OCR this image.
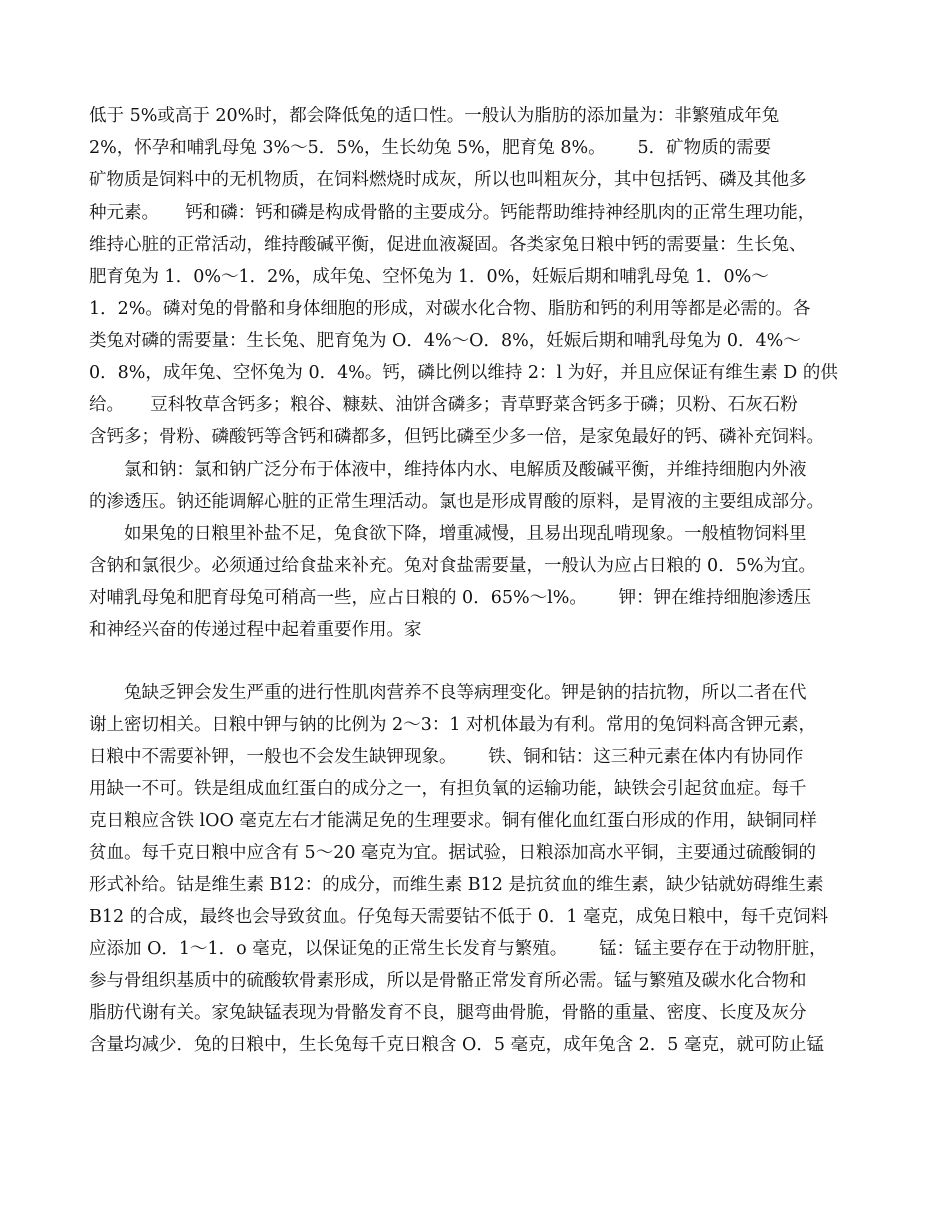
低于 5%或高于 20%时，都会降低兔的适口性。一般认为脂肪的添加量为：非繁殖成年兔
2%，怀孕和哺乳母兔 3%～5．5%，生长幼兔 5%，肥育兔 8%。　　 5．矿物质的需要
矿物质是饲料中的无机物质，在饲料燃烧时成灰，所以也叫粗灰分，其中包括钙、磷及其他多
种元素。　　钙和磷：钙和磷是构成骨骼的主要成分。钙能帮助维持神经肌肉的正常生理功能，
维持心脏的正常活动，维持酸碱平衡，促进血液凝固。各类家兔日粮中钙的需要量：生长兔、
肥育兔为 1．0%～1．2%，成年兔、空怀兔为 1．0%，妊娠后期和哺乳母兔 1．0%～
1．2%。磷对兔的骨骼和身体细胞的形成，对碳水化合物、脂肪和钙的利用等都是必需的。各
类兔对磷的需要量：生长兔、肥育兔为 O．4%～O．8%，妊娠后期和哺乳母兔为 0．4%～
0．8%，成年兔、空怀兔为 0．4%。钙，磷比例以维持 2：l 为好，并且应保证有维生素 D 的供
给。　　豆科牧草含钙多；粮谷、糠麸、油饼含磷多；青草野菜含钙多于磷；贝粉、石灰石粉
含钙多；骨粉、磷酸钙等含钙和磷都多，但钙比磷至少多一倍，是家兔最好的钙、磷补充饲料。
　　氯和钠：氯和钠广泛分布于体液中，维持体内水、电解质及酸碱平衡，并维持细胞内外液
的渗透压。钠还能调解心脏的正常生理活动。氯也是形成胃酸的原料，是胃液的主要组成部分。
　　如果兔的日粮里补盐不足，兔食欲下降，增重减慢，且易出现乱啃现象。一般植物饲料里
含钠和氯很少。必须通过给食盐来补充。兔对食盐需要量，一般认为应占日粮的 0．5%为宜。
对哺乳母兔和肥育母兔可稍高一些，应占日粮的 0．65%～l%。　　 钾：钾在维持细胞渗透压
和神经兴奋的传递过程中起着重要作用。家
　　兔缺乏钾会发生严重的进行性肌肉营养不良等病理变化。钾是钠的拮抗物，所以二者在代
谢上密切相关。日粮中钾与钠的比例为 2～3：1 对机体最为有利。常用的兔饲料高含钾元素，
日粮中不需要补钾，一般也不会发生缺钾现象。　　 铁、铜和钴：这三种元素在体内有协同作
用缺一不可。铁是组成血红蛋白的成分之一，有担负氧的运输功能，缺铁会引起贫血症。每千
克日粮应含铁 lOO 毫克左右才能满足免的生理要求。铜有催化血红蛋白形成的作用，缺铜同样
贫血。每千克日粮中应含有 5～20 毫克为宜。据试验，日粮添加高水平铜，主要通过硫酸铜的
形式补给。钴是维生素 B12：的成分，而维生素 B12 是抗贫血的维生素，缺少钴就妨碍维生素
B12 的合成，最终也会导致贫血。仔兔每天需要钴不低于 0．1 毫克，成兔日粮中，每千克饲料
应添加 O．1～1．o 毫克，以保证兔的正常生长发育与繁殖。　　 锰：锰主要存在于动物肝脏，
参与骨组织基质中的硫酸软骨素形成，所以是骨骼正常发育所必需。锰与繁殖及碳水化合物和
脂肪代谢有关。家兔缺锰表现为骨骼发育不良，腿弯曲骨脆，骨骼的重量、密度、长度及灰分
含量均减少．兔的日粮中，生长兔每千克日粮含 O．5 毫克，成年兔含 2．5 毫克，就可防止锰
